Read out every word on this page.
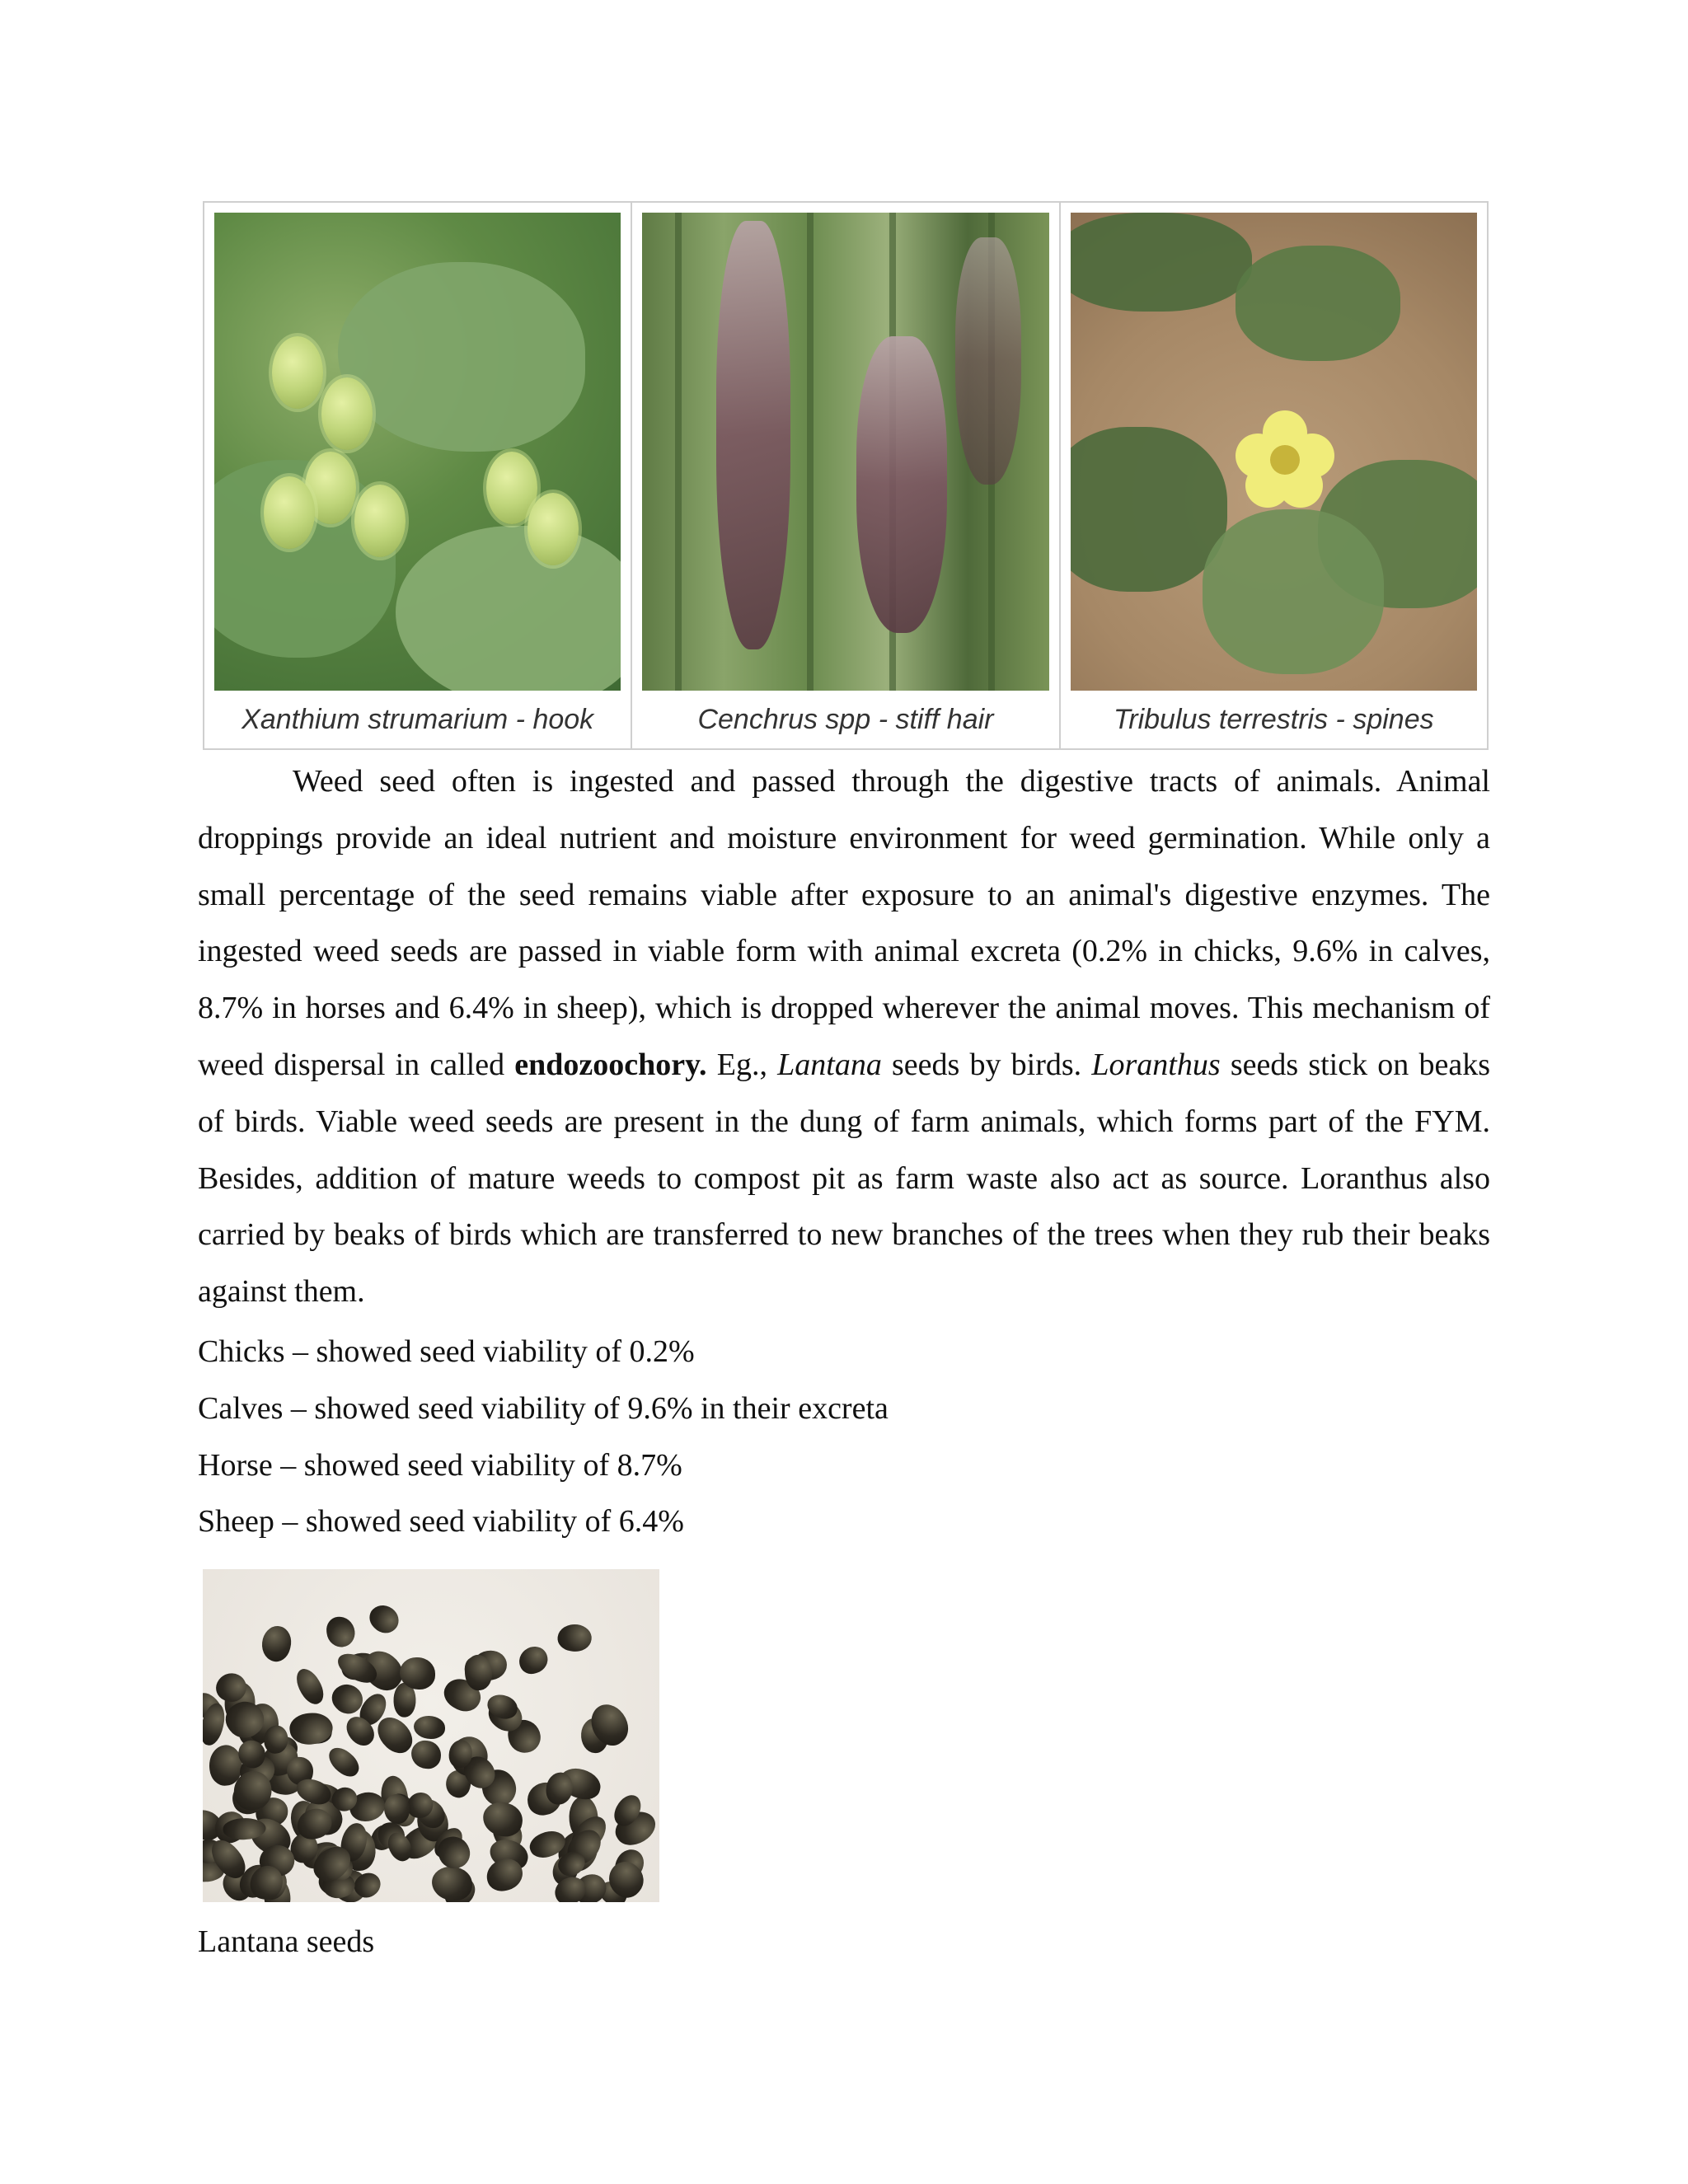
Xanthium strumarium - hook	Cenchrus spp - stiff hair	Tribulus terrestris - spines

Weed seed often is ingested and passed through the digestive tracts of animals. Animal droppings provide an ideal nutrient and moisture environment for weed germination. While only a small percentage of the seed remains viable after exposure to an animal's digestive enzymes. The ingested weed seeds are passed in viable form with animal excreta (0.2% in chicks, 9.6% in calves, 8.7% in horses and 6.4% in sheep), which is dropped wherever the animal moves. This mechanism of weed dispersal in called endozoochory. Eg., Lantana seeds by birds. Loranthus seeds stick on beaks of birds. Viable weed seeds are present in the dung of farm animals, which forms part of the FYM. Besides, addition of mature weeds to compost pit as farm waste also act as source. Loranthus also carried by beaks of birds which are transferred to new branches of the trees when they rub their beaks against them.

Chicks – showed seed viability of 0.2%
Calves – showed seed viability of 9.6% in their excreta
Horse – showed seed viability of 8.7%
Sheep – showed seed viability of 6.4%
Lantana seeds
